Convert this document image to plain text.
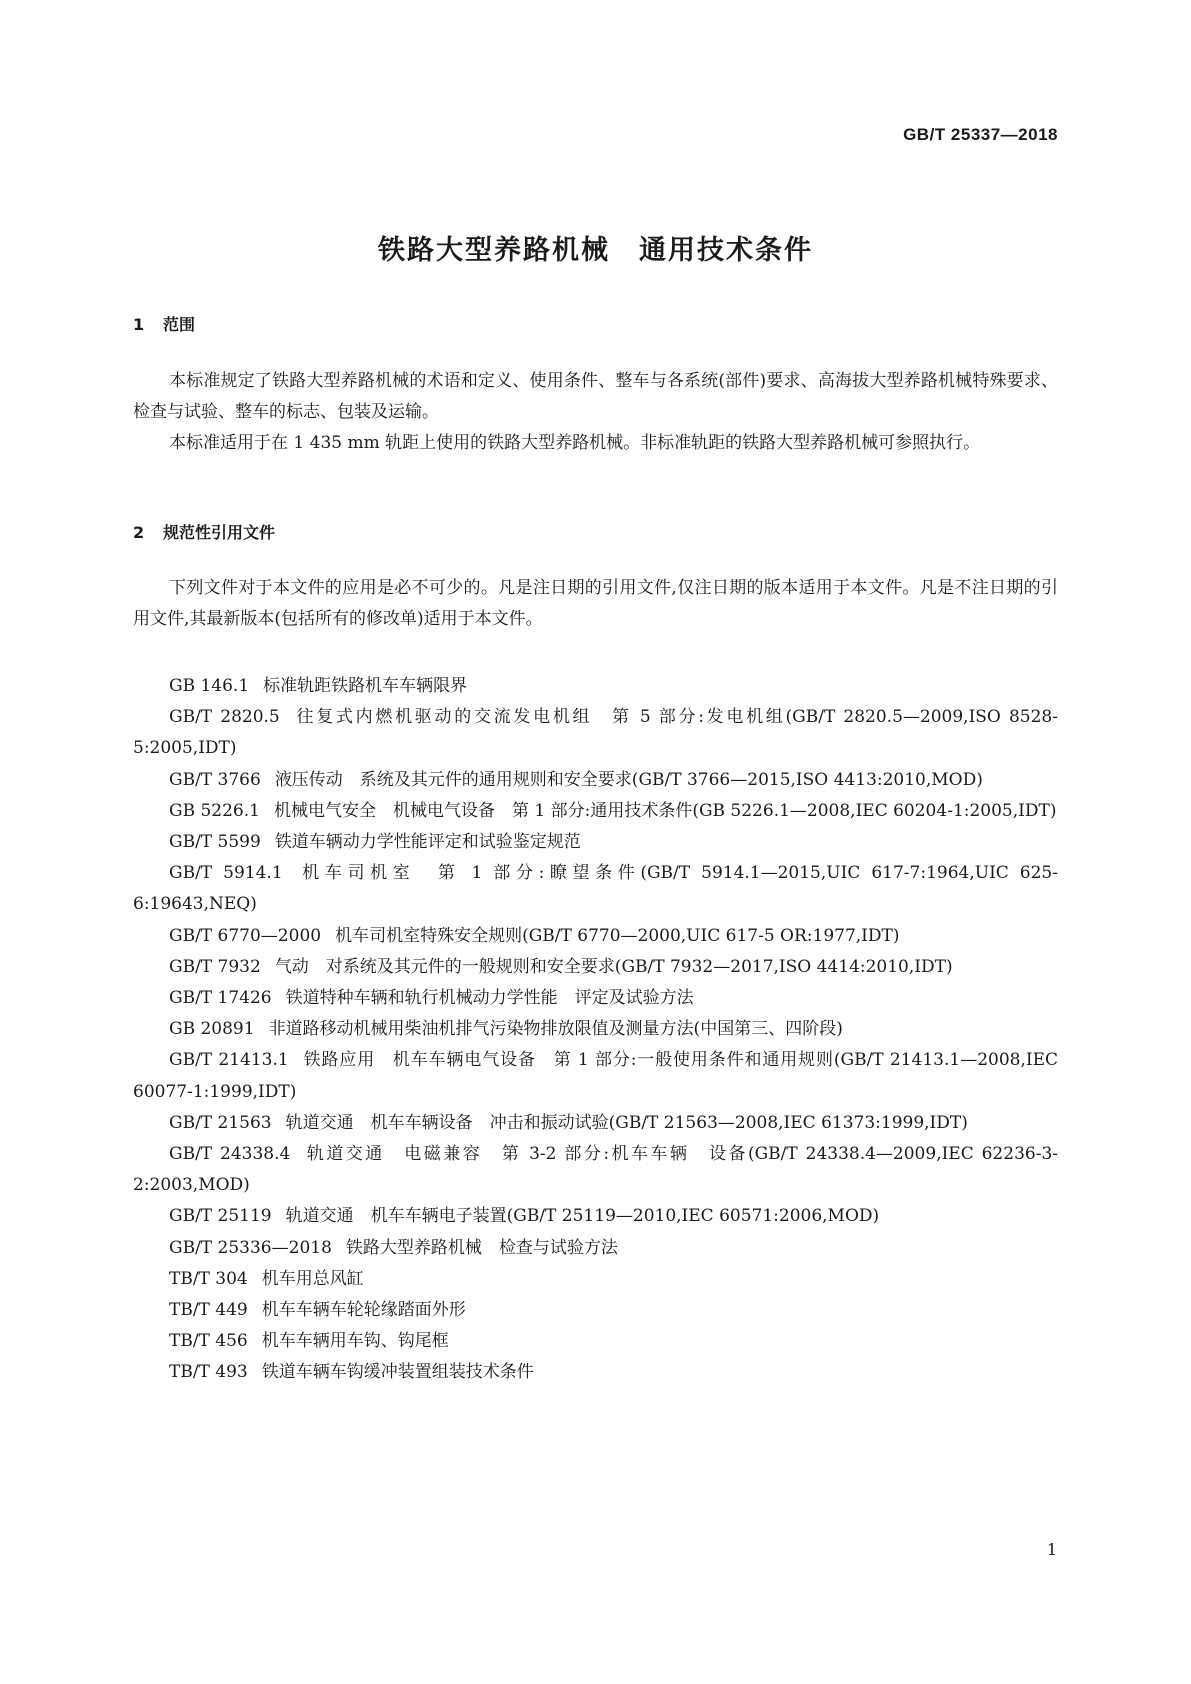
GB/T 25337—2018
铁路大型养路机械　通用技术条件
1 范围
本标准规定了铁路大型养路机械的术语和定义、使用条件、整车与各系统(部件)要求、高海拔大型养路机械特殊要求、检查与试验、整车的标志、包装及运输。
本标准适用于在 1 435 mm 轨距上使用的铁路大型养路机械。非标准轨距的铁路大型养路机械可参照执行。
2 规范性引用文件
下列文件对于本文件的应用是必不可少的。凡是注日期的引用文件,仅注日期的版本适用于本文件。凡是不注日期的引用文件,其最新版本(包括所有的修改单)适用于本文件。
GB 146.1 标准轨距铁路机车车辆限界
GB/T 2820.5 往复式内燃机驱动的交流发电机组　第 5 部分:发电机组(GB/T 2820.5—2009,ISO 8528-5:2005,IDT)
GB/T 3766 液压传动　系统及其元件的通用规则和安全要求(GB/T 3766—2015,ISO 4413:2010,MOD)
GB 5226.1 机械电气安全　机械电气设备　第 1 部分:通用技术条件(GB 5226.1—2008,IEC 60204-1:2005,IDT)
GB/T 5599 铁道车辆动力学性能评定和试验鉴定规范
GB/T 5914.1 机车司机室　第 1 部分:瞭望条件(GB/T 5914.1—2015,UIC 617-7:1964,UIC 625-6:19643,NEQ)
GB/T 6770—2000 机车司机室特殊安全规则(GB/T 6770—2000,UIC 617-5 OR:1977,IDT)
GB/T 7932 气动　对系统及其元件的一般规则和安全要求(GB/T 7932—2017,ISO 4414:2010,IDT)
GB/T 17426 铁道特种车辆和轨行机械动力学性能　评定及试验方法
GB 20891 非道路移动机械用柴油机排气污染物排放限值及测量方法(中国第三、四阶段)
GB/T 21413.1 铁路应用　机车车辆电气设备　第 1 部分:一般使用条件和通用规则(GB/T 21413.1—2008,IEC 60077-1:1999,IDT)
GB/T 21563 轨道交通　机车车辆设备　冲击和振动试验(GB/T 21563—2008,IEC 61373:1999,IDT)
GB/T 24338.4 轨道交通　电磁兼容　第 3-2 部分:机车车辆　设备(GB/T 24338.4—2009,IEC 62236-3-2:2003,MOD)
GB/T 25119 轨道交通　机车车辆电子装置(GB/T 25119—2010,IEC 60571:2006,MOD)
GB/T 25336—2018 铁路大型养路机械　检查与试验方法
TB/T 304 机车用总风缸
TB/T 449 机车车辆车轮轮缘踏面外形
TB/T 456 机车车辆用车钩、钩尾框
TB/T 493 铁道车辆车钩缓冲装置组装技术条件
1
